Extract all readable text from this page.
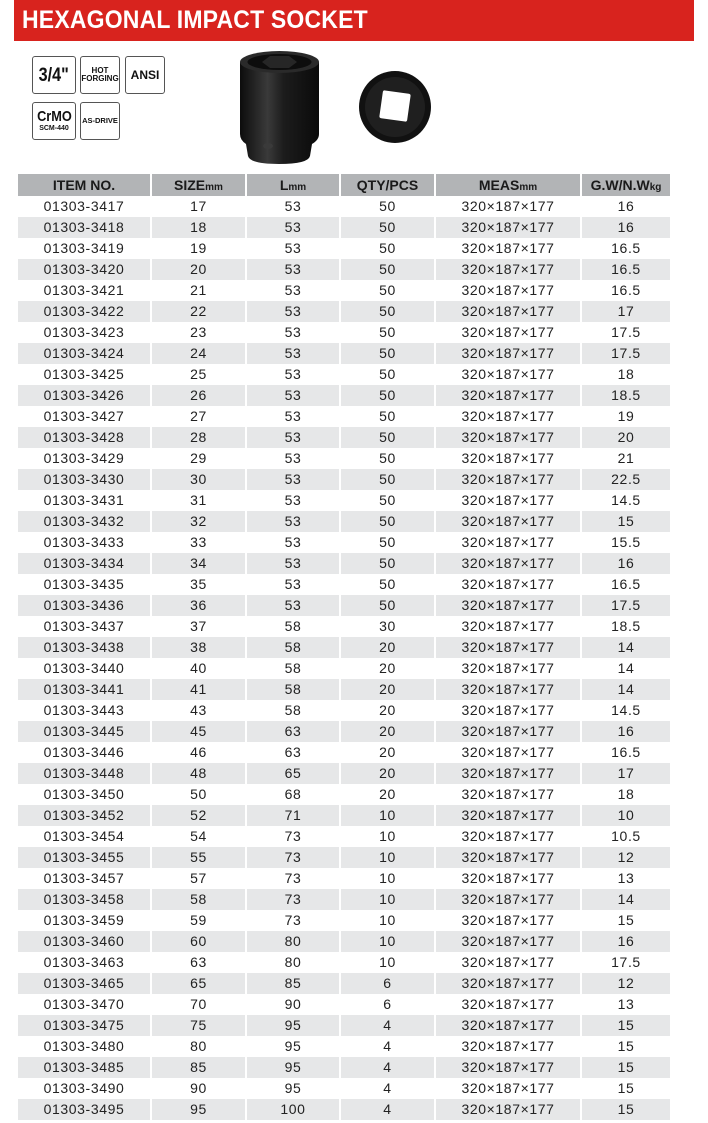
HEXAGONAL IMPACT SOCKET
3/4"	HOT
FORGING ANSI
CrMO
SCM-440
AS-DRIVE
ITEM NO.	SIZEmm	Lmm	QTY/PCS	MEASmm	G.W/N.Wkg
01303-3417	17	53	50	320×187×177	16
01303-3418	18	53	50	320×187×177	16
01303-3419	19	53	50	320×187×177	16.5
01303-3420	20	53	50	320×187×177	16.5
01303-3421	21	53	50	320×187×177	16.5
01303-3422	22	53	50	320×187×177	17
01303-3423	23	53	50	320×187×177	17.5
01303-3424	24	53	50	320×187×177	17.5
01303-3425	25	53	50	320×187×177	18
01303-3426	26	53	50	320×187×177	18.5
01303-3427	27	53	50	320×187×177	19
01303-3428	28	53	50	320×187×177	20
01303-3429	29	53	50	320×187×177	21
01303-3430	30	53	50	320×187×177	22.5
01303-3431	31	53	50	320×187×177	14.5
01303-3432	32	53	50	320×187×177	15
01303-3433	33	53	50	320×187×177	15.5
01303-3434	34	53	50	320×187×177	16
01303-3435	35	53	50	320×187×177	16.5
01303-3436	36	53	50	320×187×177	17.5
01303-3437	37	58	30	320×187×177	18.5
01303-3438	38	58	20	320×187×177	14
01303-3440	40	58	20	320×187×177	14
01303-3441	41	58	20	320×187×177	14
01303-3443	43	58	20	320×187×177	14.5
01303-3445	45	63	20	320×187×177	16
01303-3446	46	63	20	320×187×177	16.5
01303-3448	48	65	20	320×187×177	17
01303-3450	50	68	20	320×187×177	18
01303-3452	52	71	10	320×187×177	10
01303-3454	54	73	10	320×187×177	10.5
01303-3455	55	73	10	320×187×177	12
01303-3457	57	73	10	320×187×177	13
01303-3458	58	73	10	320×187×177	14
01303-3459	59	73	10	320×187×177	15
01303-3460	60	80	10	320×187×177	16
01303-3463	63	80	10	320×187×177	17.5
01303-3465	65	85	6	320×187×177	12
01303-3470	70	90	6	320×187×177	13
01303-3475	75	95	4	320×187×177	15
01303-3480	80	95	4	320×187×177	15
01303-3485	85	95	4	320×187×177	15
01303-3490	90	95	4	320×187×177	15
01303-3495	95	100	4	320×187×177	15
